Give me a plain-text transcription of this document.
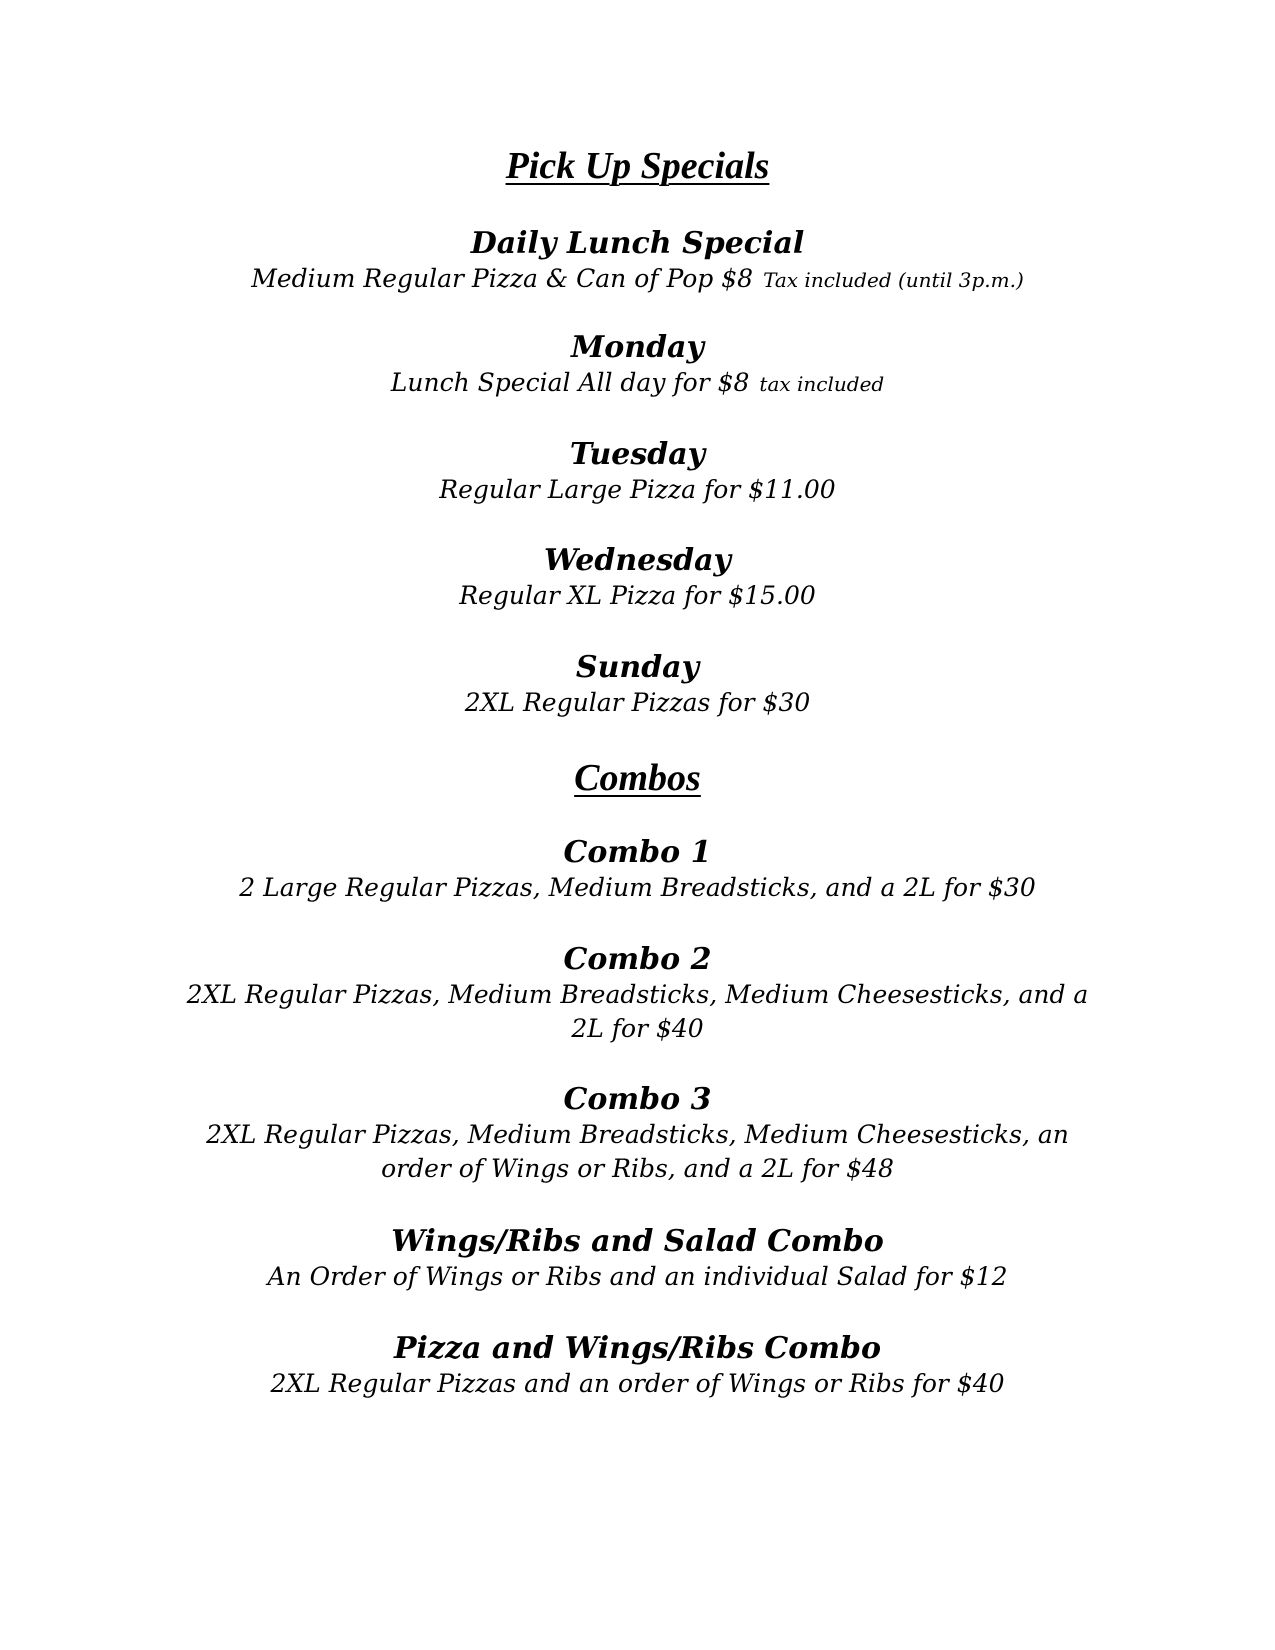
Pick Up Specials
Daily Lunch Special
Medium Regular Pizza & Can of Pop $8 Tax included (until 3p.m.)
Monday
Lunch Special All day for $8 tax included
Tuesday
Regular Large Pizza for $11.00
Wednesday
Regular XL Pizza for $15.00
Sunday
2XL Regular Pizzas for $30
Combos
Combo 1
2 Large Regular Pizzas, Medium Breadsticks, and a 2L for $30
Combo 2
2XL Regular Pizzas, Medium Breadsticks, Medium Cheesesticks, and a 2L for $40
Combo 3
2XL Regular Pizzas, Medium Breadsticks, Medium Cheesesticks, an order of Wings or Ribs, and a 2L for $48
Wings/Ribs and Salad Combo
An Order of Wings or Ribs and an individual Salad for $12
Pizza and Wings/Ribs Combo
2XL Regular Pizzas and an order of Wings or Ribs for $40
